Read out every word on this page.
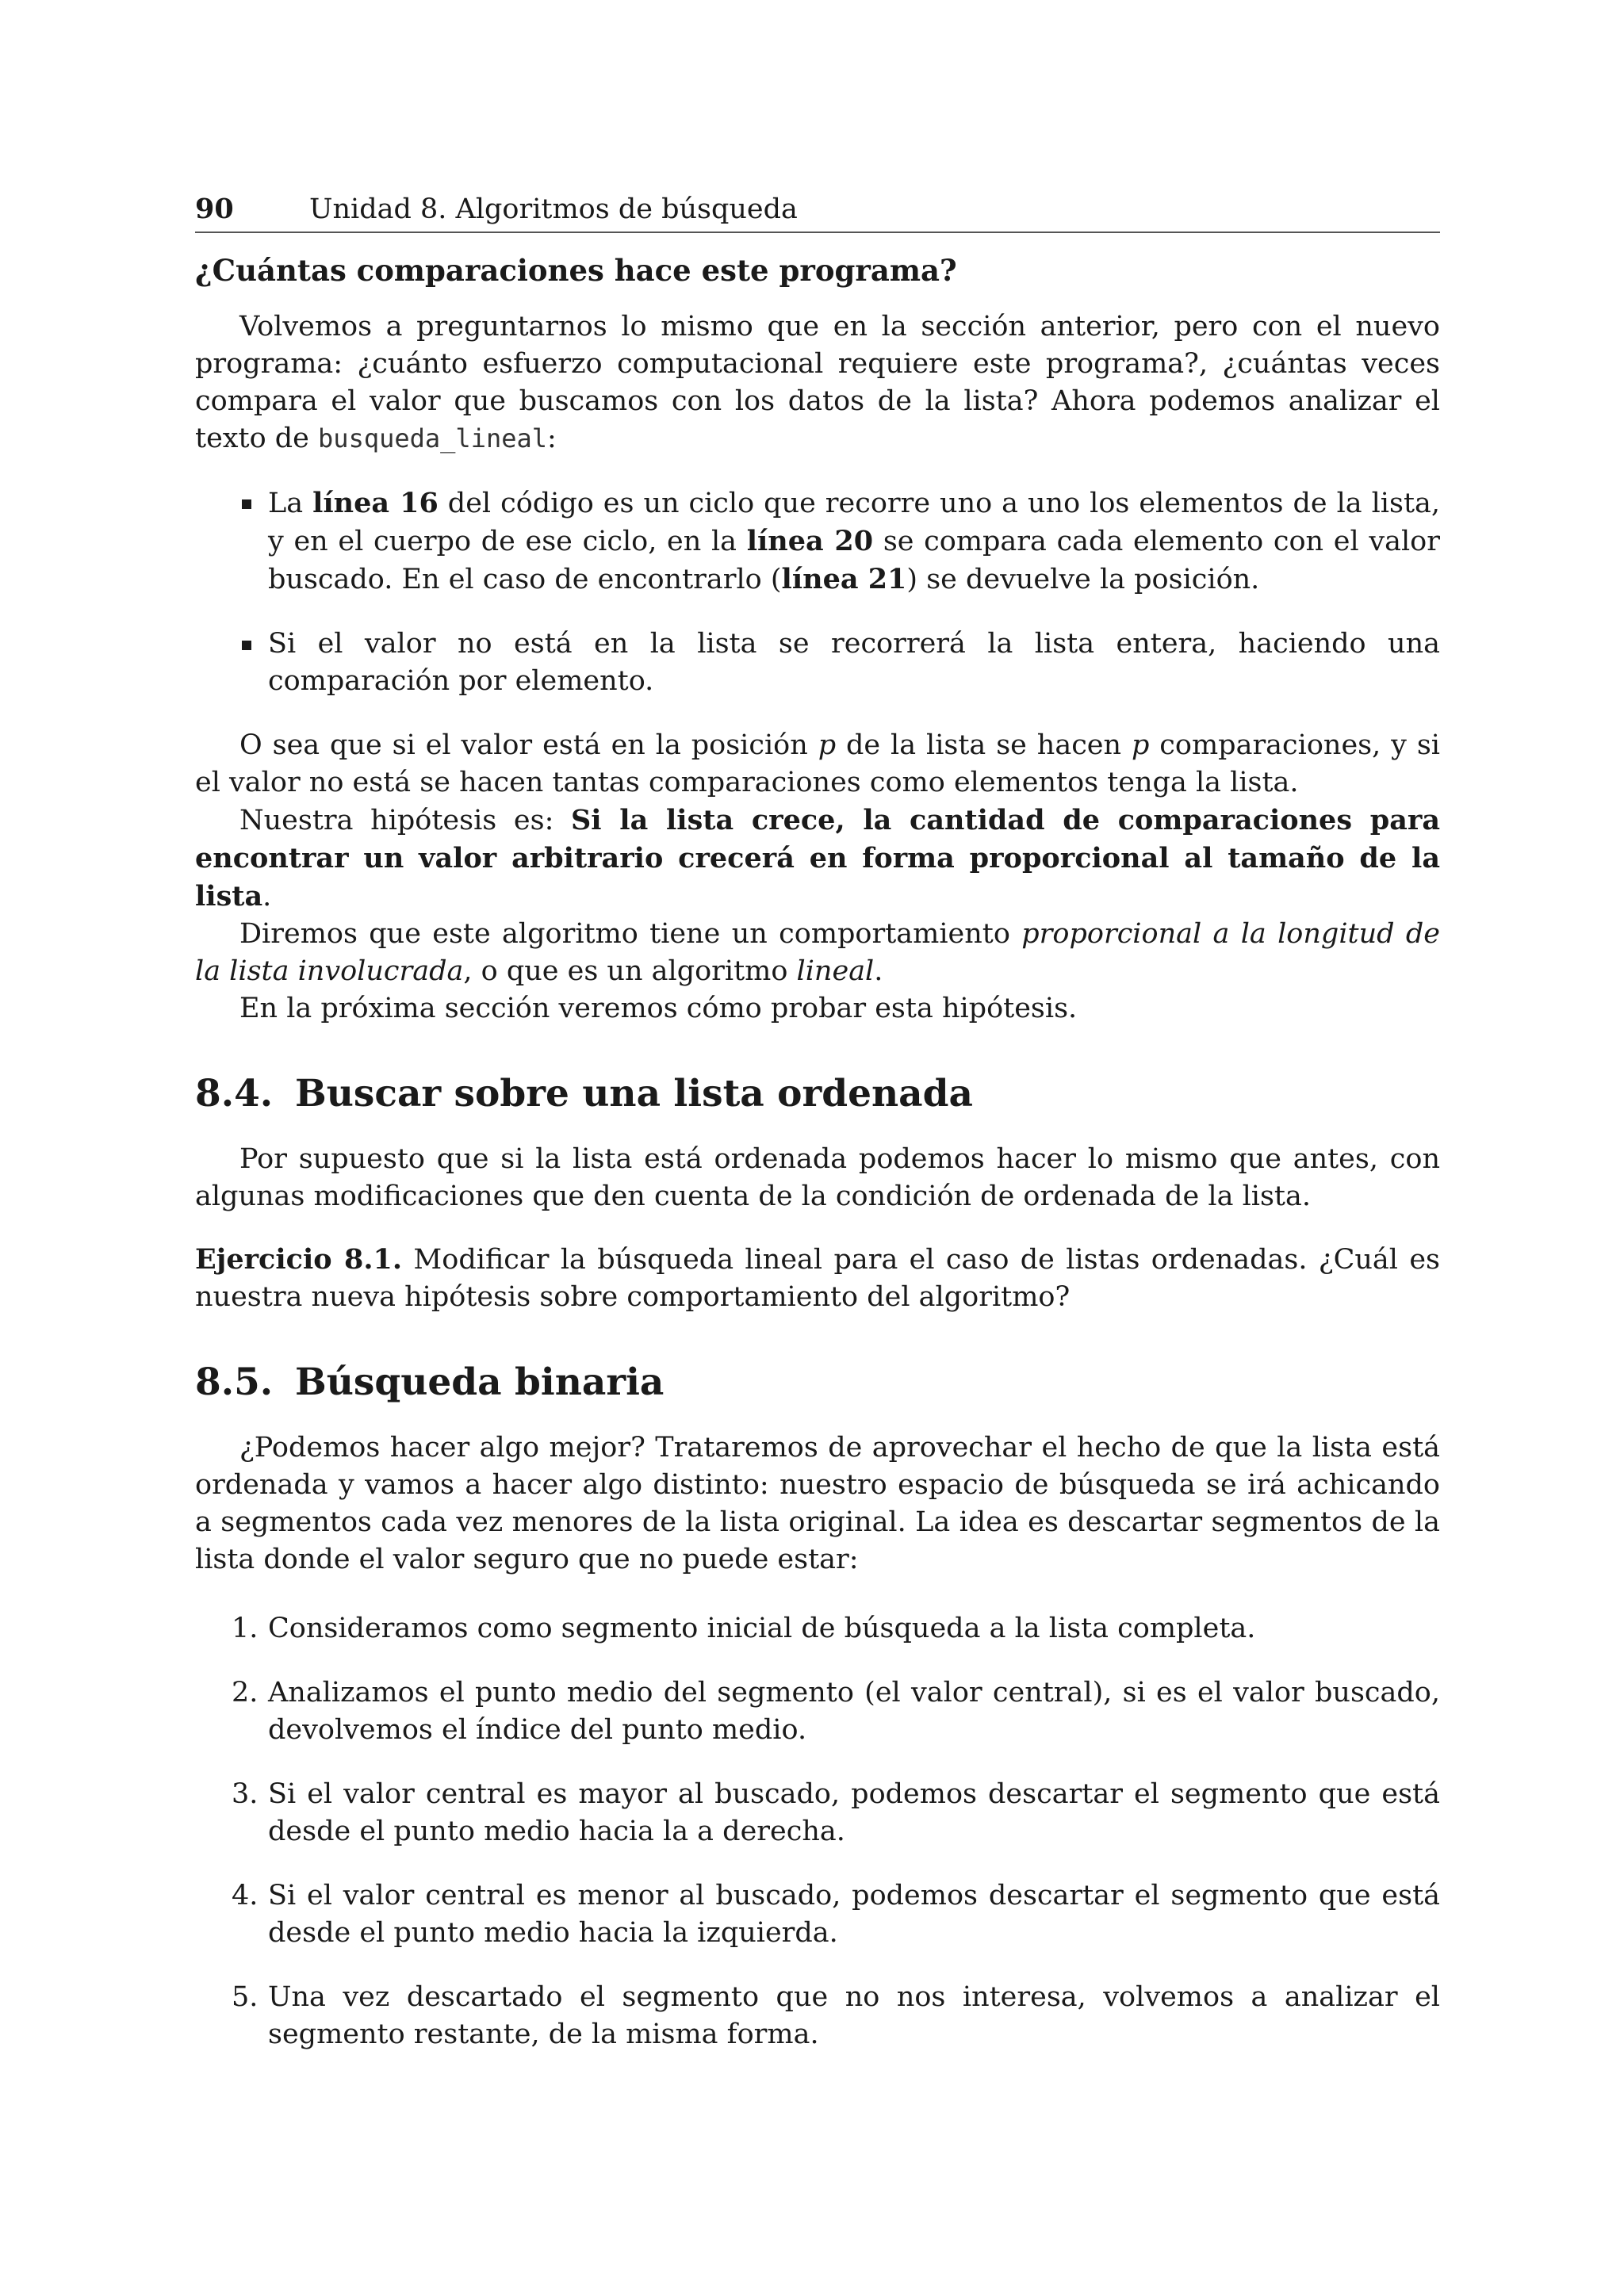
90	Unidad 8. Algoritmos de búsqueda
¿Cuántas comparaciones hace este programa?

Volvemos a preguntarnos lo mismo que en la sección anterior, pero con el nuevo programa: ¿cuánto esfuerzo computacional requiere este programa?, ¿cuántas veces compara el valor que buscamos con los datos de la lista? Ahora podemos analizar el texto de busqueda_lineal:

La línea 16 del código es un ciclo que recorre uno a uno los elementos de la lista, y en el cuerpo de ese ciclo, en la línea 20 se compara cada elemento con el valor buscado. En el caso de encontrarlo (línea 21) se devuelve la posición.
Si el valor no está en la lista se recorrerá la lista entera, haciendo una comparación por elemento.

O sea que si el valor está en la posición p de la lista se hacen p comparaciones, y si el valor no está se hacen tantas comparaciones como elementos tenga la lista.

Nuestra hipótesis es: Si la lista crece, la cantidad de comparaciones para encontrar un valor arbitrario crecerá en forma proporcional al tamaño de la lista.

Diremos que este algoritmo tiene un comportamiento proporcional a la longitud de la lista involucrada, o que es un algoritmo lineal.

En la próxima sección veremos cómo probar esta hipótesis.

8.4. Buscar sobre una lista ordenada

Por supuesto que si la lista está ordenada podemos hacer lo mismo que antes, con algunas modificaciones que den cuenta de la condición de ordenada de la lista.

Ejercicio 8.1. Modificar la búsqueda lineal para el caso de listas ordenadas. ¿Cuál es nuestra nueva hipótesis sobre comportamiento del algoritmo?

8.5. Búsqueda binaria

¿Podemos hacer algo mejor? Trataremos de aprovechar el hecho de que la lista está ordenada y vamos a hacer algo distinto: nuestro espacio de búsqueda se irá achicando a segmentos cada vez menores de la lista original. La idea es descartar segmentos de la lista donde el valor seguro que no puede estar:

1. Consideramos como segmento inicial de búsqueda a la lista completa.
2. Analizamos el punto medio del segmento (el valor central), si es el valor buscado, devolvemos el índice del punto medio.
3. Si el valor central es mayor al buscado, podemos descartar el segmento que está desde el punto medio hacia la a derecha.
4. Si el valor central es menor al buscado, podemos descartar el segmento que está desde el punto medio hacia la izquierda.
5. Una vez descartado el segmento que no nos interesa, volvemos a analizar el segmento restante, de la misma forma.
